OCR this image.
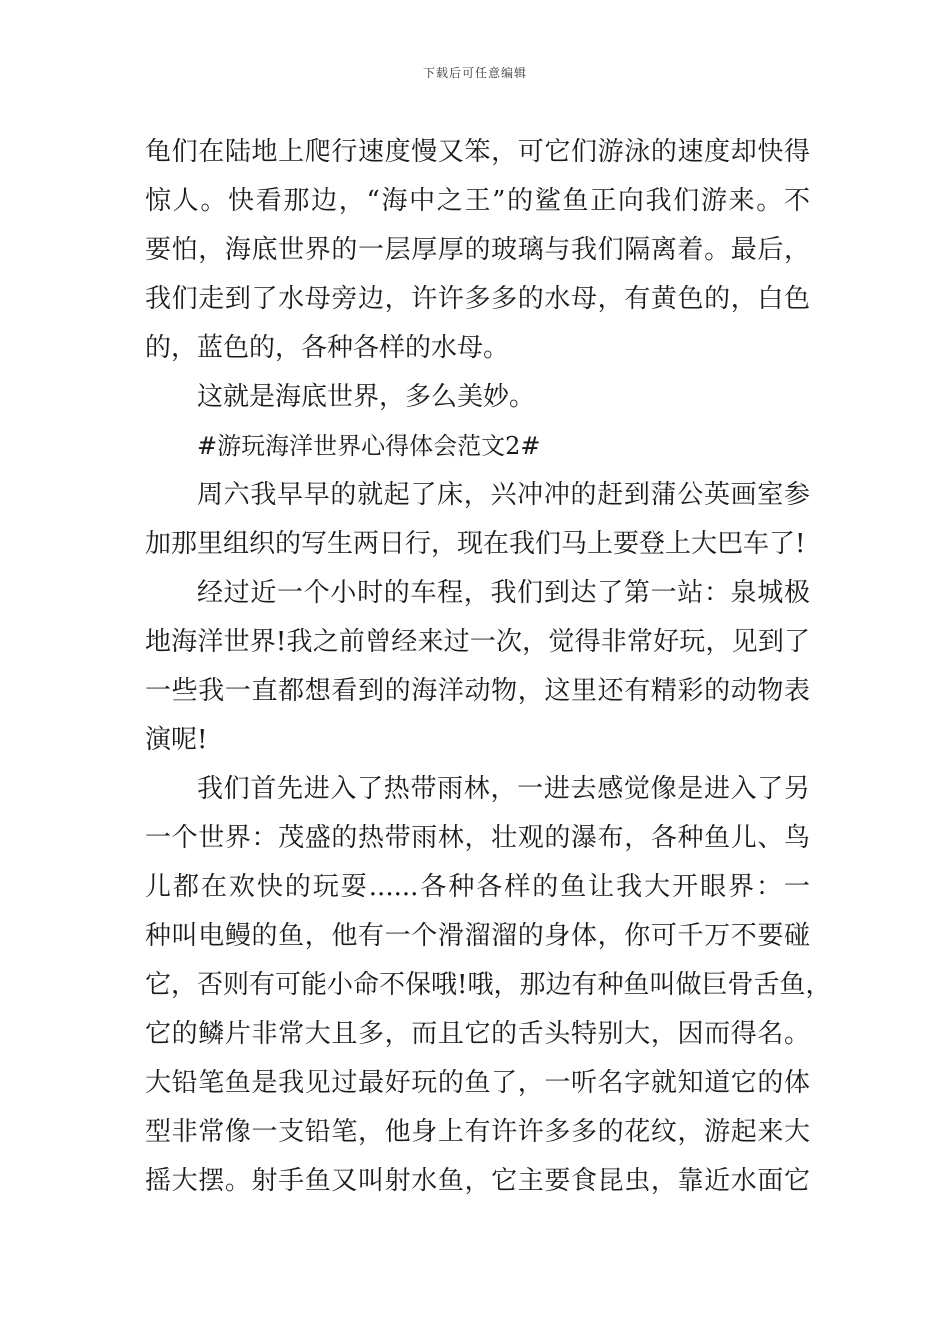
下载后可任意编辑
龟们在陆地上爬行速度慢又笨，可它们游泳的速度却快得
惊人。快看那边，“海中之王”的鲨鱼正向我们游来。不
要怕，海底世界的一层厚厚的玻璃与我们隔离着。最后，
我们走到了水母旁边，许许多多的水母，有黄色的，白色
的，蓝色的，各种各样的水母。
这就是海底世界，多么美妙。
#游玩海洋世界心得体会范文2#
周六我早早的就起了床，兴冲冲的赶到蒲公英画室参
加那里组织的写生两日行，现在我们马上要登上大巴车了!
经过近一个小时的车程，我们到达了第一站：泉城极
地海洋世界!我之前曾经来过一次，觉得非常好玩，见到了
一些我一直都想看到的海洋动物，这里还有精彩的动物表
演呢!
我们首先进入了热带雨林，一进去感觉像是进入了另
一个世界：茂盛的热带雨林，壮观的瀑布，各种鱼儿、鸟
儿都在欢快的玩耍......各种各样的鱼让我大开眼界：一
种叫电鳗的鱼，他有一个滑溜溜的身体，你可千万不要碰
它，否则有可能小命不保哦!哦，那边有种鱼叫做巨骨舌鱼，
它的鳞片非常大且多，而且它的舌头特别大，因而得名。
大铅笔鱼是我见过最好玩的鱼了，一听名字就知道它的体
型非常像一支铅笔，他身上有许许多多的花纹，游起来大
摇大摆。射手鱼又叫射水鱼，它主要食昆虫，靠近水面它
